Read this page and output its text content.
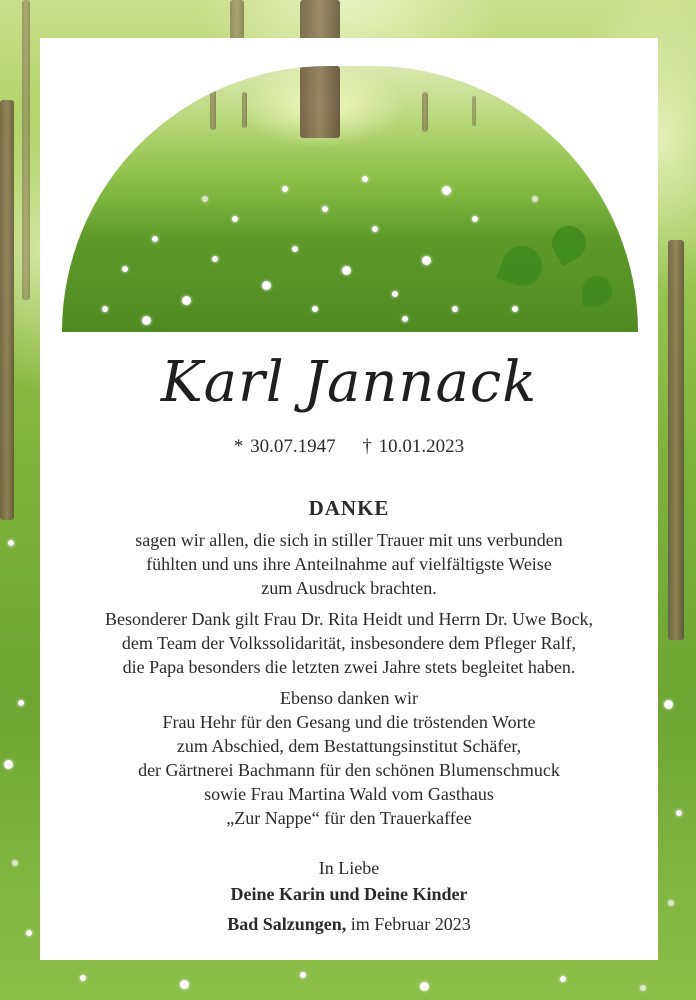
Karl Jannack
* 30.07.1947 † 10.01.2023
DANKE
sagen wir allen, die sich in stiller Trauer mit uns verbunden
fühlten und uns ihre Anteilnahme auf vielfältigste Weise
zum Ausdruck brachten.
Besonderer Dank gilt Frau Dr. Rita Heidt und Herrn Dr. Uwe Bock,
dem Team der Volkssolidarität, insbesondere dem Pfleger Ralf,
die Papa besonders die letzten zwei Jahre stets begleitet haben.
Ebenso danken wir
Frau Hehr für den Gesang und die tröstenden Worte
zum Abschied, dem Bestattungsinstitut Schäfer,
der Gärtnerei Bachmann für den schönen Blumenschmuck
sowie Frau Martina Wald vom Gasthaus
„Zur Nappe“ für den Trauerkaffee
In Liebe
Deine Karin und Deine Kinder
Bad Salzungen, im Februar 2023
